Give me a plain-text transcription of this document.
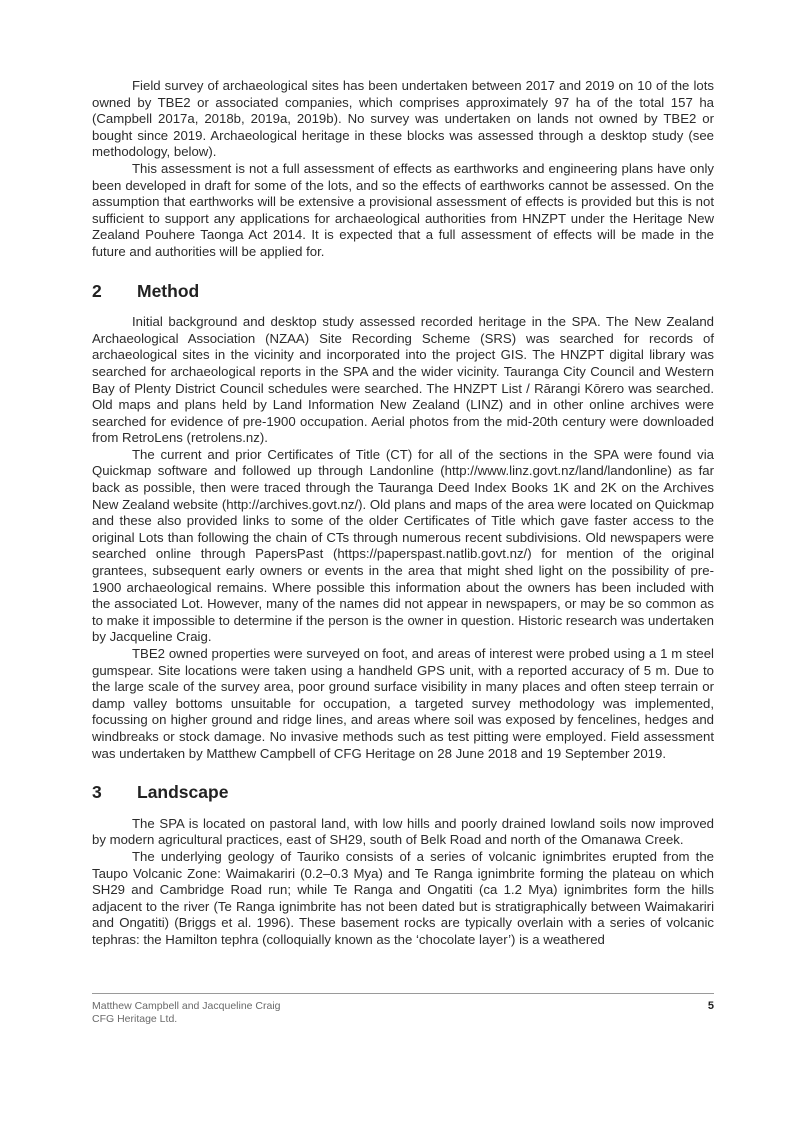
Field survey of archaeological sites has been undertaken between 2017 and 2019 on 10 of the lots owned by TBE2 or associated companies, which comprises approximately 97 ha of the total 157 ha (Campbell 2017a, 2018b, 2019a, 2019b). No survey was undertaken on lands not owned by TBE2 or bought since 2019. Archaeological heritage in these blocks was assessed through a desktop study (see methodology, below).

This assessment is not a full assessment of effects as earthworks and engineering plans have only been developed in draft for some of the lots, and so the effects of earthworks cannot be assessed. On the assumption that earthworks will be extensive a provisional assessment of effects is provided but this is not sufficient to support any applications for archaeological authorities from HNZPT under the Heritage New Zealand Pouhere Taonga Act 2014. It is expected that a full assessment of effects will be made in the future and authorities will be applied for.

2	Method

Initial background and desktop study assessed recorded heritage in the SPA. The New Zealand Archaeological Association (NZAA) Site Recording Scheme (SRS) was searched for records of archaeological sites in the vicinity and incorporated into the project GIS. The HNZPT digital library was searched for archaeological reports in the SPA and the wider vicinity. Tauranga City Council and Western Bay of Plenty District Council schedules were searched. The HNZPT List / Rārangi Kōrero was searched. Old maps and plans held by Land Information New Zealand (LINZ) and in other online archives were searched for evidence of pre-1900 occupation. Aerial photos from the mid-20th century were downloaded from RetroLens (retrolens.nz).

The current and prior Certificates of Title (CT) for all of the sections in the SPA were found via Quickmap software and followed up through Landonline (http://www.linz.govt.nz/land/landonline) as far back as possible, then were traced through the Tauranga Deed Index Books 1K and 2K on the Archives New Zealand website (http://archives.govt.nz/). Old plans and maps of the area were located on Quickmap and these also provided links to some of the older Certificates of Title which gave faster access to the original Lots than following the chain of CTs through numerous recent subdivisions. Old newspapers were searched online through PapersPast (https://paperspast.natlib.govt.nz/) for mention of the original grantees, subsequent early owners or events in the area that might shed light on the possibility of pre-1900 archaeological remains. Where possible this information about the owners has been included with the associated Lot. However, many of the names did not appear in newspapers, or may be so common as to make it impossible to determine if the person is the owner in question. Historic research was undertaken by Jacqueline Craig.

TBE2 owned properties were surveyed on foot, and areas of interest were probed using a 1 m steel gumspear. Site locations were taken using a handheld GPS unit, with a reported accuracy of 5 m. Due to the large scale of the survey area, poor ground surface visibility in many places and often steep terrain or damp valley bottoms unsuitable for occupation, a targeted survey methodology was implemented, focussing on higher ground and ridge lines, and areas where soil was exposed by fencelines, hedges and windbreaks or stock damage. No invasive methods such as test pitting were employed. Field assessment was undertaken by Matthew Campbell of CFG Heritage on 28 June 2018 and 19 September 2019.

3	Landscape

The SPA is located on pastoral land, with low hills and poorly drained lowland soils now improved by modern agricultural practices, east of SH29, south of Belk Road and north of the Omanawa Creek.

The underlying geology of Tauriko consists of a series of volcanic ignimbrites erupted from the Taupo Volcanic Zone: Waimakariri (0.2–0.3 Mya) and Te Ranga ignimbrite forming the plateau on which SH29 and Cambridge Road run; while Te Ranga and Ongatiti (ca 1.2 Mya) ignimbrites form the hills adjacent to the river (Te Ranga ignimbrite has not been dated but is stratigraphically between Waimakariri and Ongatiti) (Briggs et al. 1996). These basement rocks are typically overlain with a series of volcanic tephras: the Hamilton tephra (colloquially known as the ‘chocolate layer’) is a weathered

Matthew Campbell and Jacqueline Craig	5
CFG Heritage Ltd.
